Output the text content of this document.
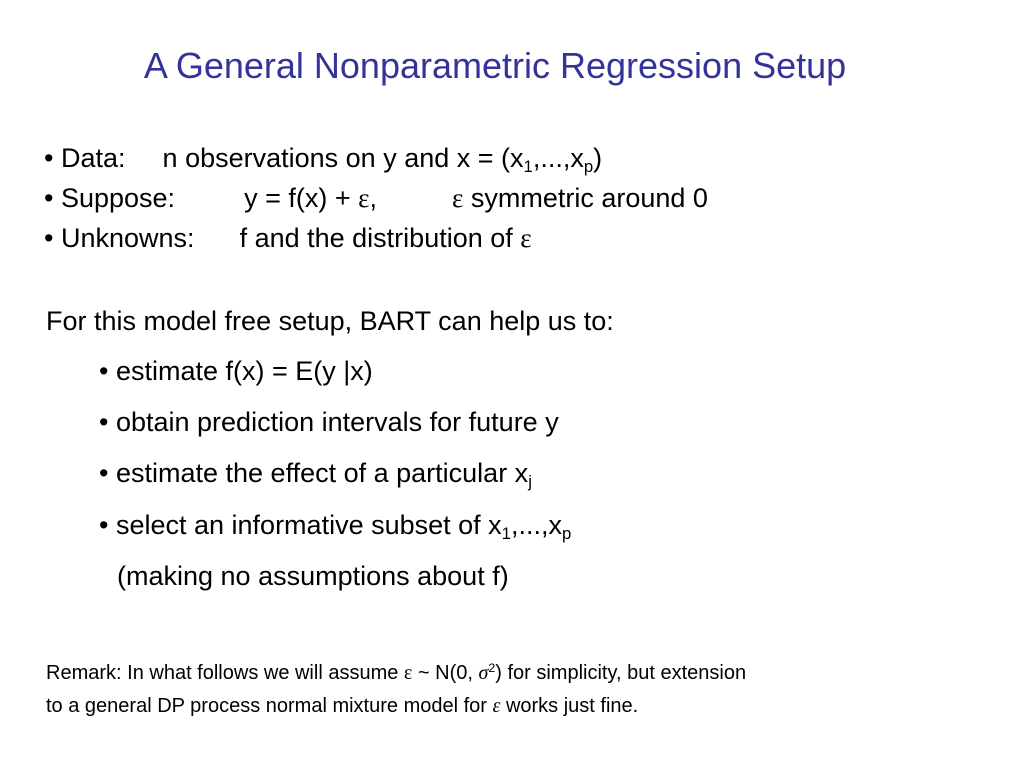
A General Nonparametric Regression Setup
• Data: n observations on y and $x = (x_1,...,x_p)$
• Suppose:	y = f(x) + ε,	ε symmetric around 0
• Unknowns: f and the distribution of ε
For this model free setup, BART can help us to:
• estimate f(x) = E(y |x)
• obtain prediction intervals for future y
• estimate the effect of a particular $x_j$
• select an informative subset of $x_1,...,x_p$
(making no assumptions about f)
Remark: In what follows we will assume ε ~ N(0, $\sigma^2$) for simplicity, but extension
to a general DP process normal mixture model for ε works just fine.
